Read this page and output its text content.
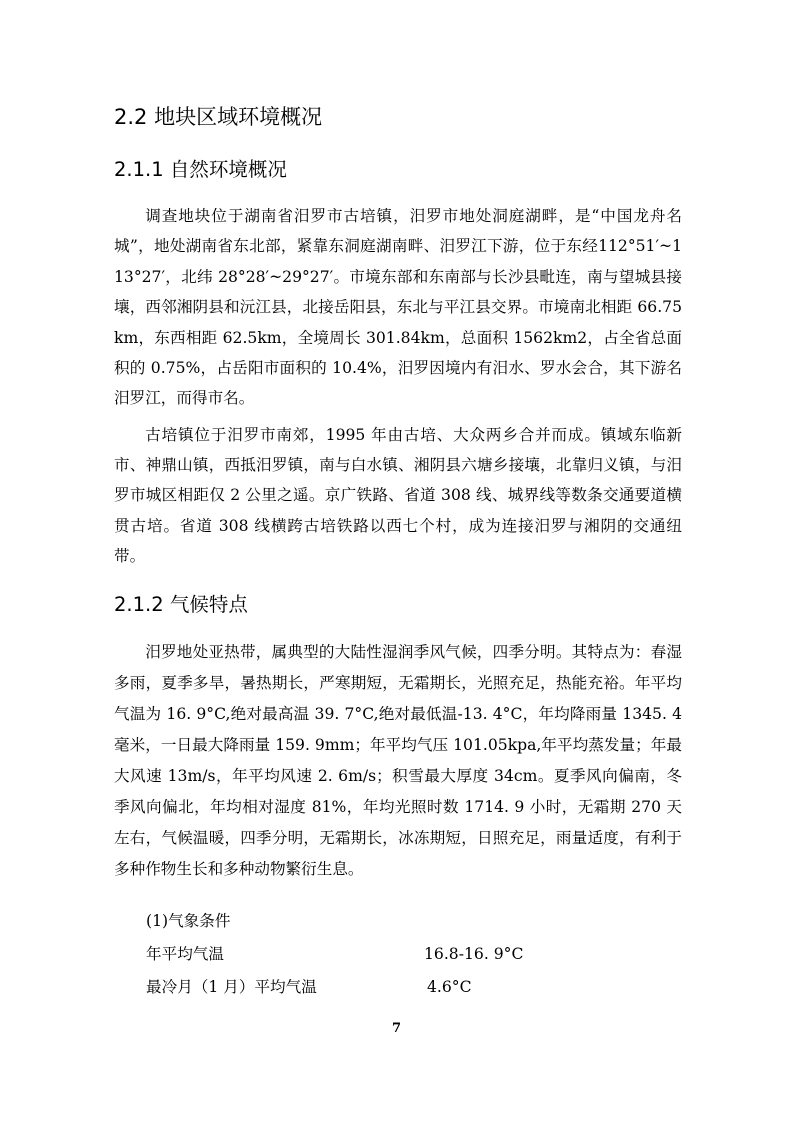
2.2 地块区域环境概况
2.1.1 自然环境概况

调查地块位于湖南省汨罗市古培镇，汨罗市地处洞庭湖畔，是“中国龙舟名城”，地处湖南省东北部，紧靠东洞庭湖南畔、汨罗江下游，位于东经112°51′~113°27′，北纬 28°28′~29°27′。市境东部和东南部与长沙县毗连，南与望城县接壤，西邻湘阴县和沅江县，北接岳阳县，东北与平江县交界。市境南北相距 66.75km，东西相距 62.5km，全境周长 301.84km，总面积 1562km2，占全省总面积的 0.75%，占岳阳市面积的 10.4%，汨罗因境内有汨水、罗水会合，其下游名汨罗江，而得市名。

古培镇位于汨罗市南郊，1995 年由古培、大众两乡合并而成。镇域东临新市、神鼎山镇，西抵汨罗镇，南与白水镇、湘阴县六塘乡接壤，北靠归义镇，与汨罗市城区相距仅 2 公里之遥。京广铁路、省道 308 线、城界线等数条交通要道横贯古培。省道 308 线横跨古培铁路以西七个村，成为连接汨罗与湘阴的交通纽带。

2.1.2 气候特点

汨罗地处亚热带，属典型的大陆性湿润季风气候，四季分明。其特点为：春湿多雨，夏季多旱，暑热期长，严寒期短，无霜期长，光照充足，热能充裕。年平均气温为 16. 9°C,绝对最高温 39. 7°C,绝对最低温-13. 4°C，年均降雨量 1345. 4毫米，一日最大降雨量 159. 9mm；年平均气压 101.05kpa,年平均蒸发量；年最大风速 13m/s，年平均风速 2. 6m/s；积雪最大厚度 34cm。夏季风向偏南，冬季风向偏北，年均相对湿度 81%，年均光照时数 1714. 9 小时，无霜期 270 天左右，气候温暖，四季分明，无霜期长，冰冻期短，日照充足，雨量适度，有利于多种作物生长和多种动物繁衍生息。

(1)气象条件
年平均气温	16.8-16. 9°C
最冷月（1 月）平均气温	4.6°C
7
